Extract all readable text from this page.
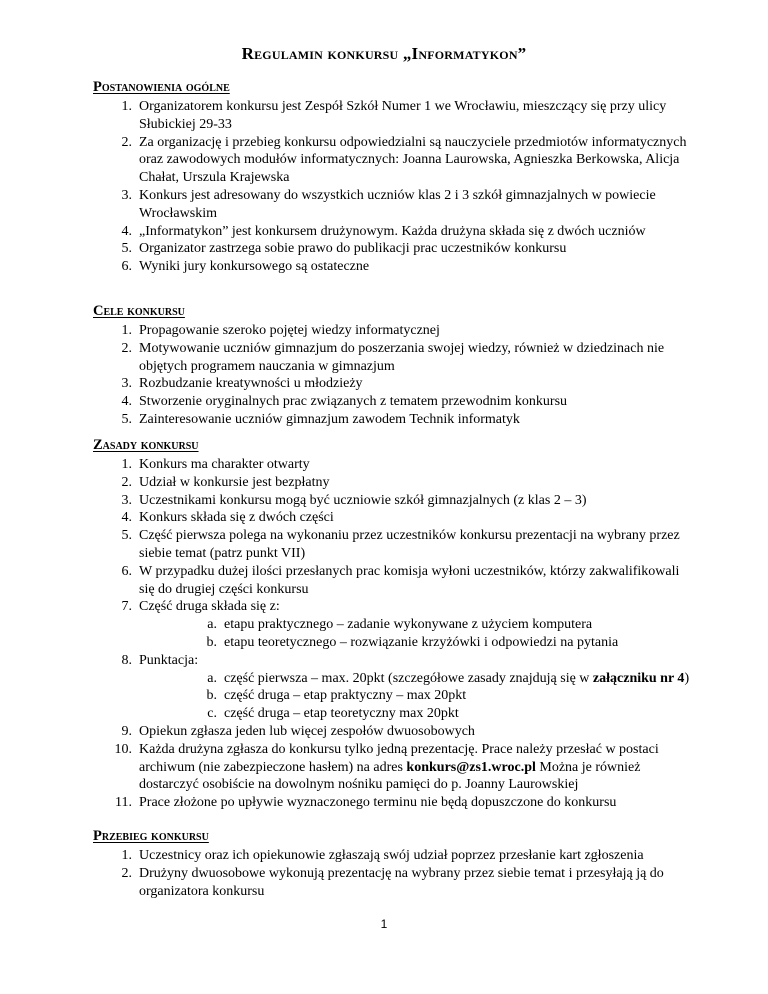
Regulamin konkursu „Informatykon”
Postanowienia ogólne
1. Organizatorem konkursu jest Zespół Szkół Numer 1 we Wrocławiu, mieszczący się przy ulicy Słubickiej 29-33
2. Za organizację i przebieg konkursu odpowiedzialni są nauczyciele przedmiotów informatycznych oraz zawodowych modułów informatycznych: Joanna Laurowska, Agnieszka Berkowska, Alicja Chałat, Urszula Krajewska
3. Konkurs jest adresowany do wszystkich uczniów klas 2 i 3 szkół gimnazjalnych w powiecie Wrocławskim
4. „Informatykon” jest konkursem drużynowym. Każda drużyna składa się z dwóch uczniów
5. Organizator zastrzega sobie prawo do publikacji prac uczestników konkursu
6. Wyniki jury konkursowego są ostateczne
Cele konkursu
1. Propagowanie szeroko pojętej wiedzy informatycznej
2. Motywowanie uczniów gimnazjum do poszerzania swojej wiedzy, również w dziedzinach nie objętych programem nauczania w gimnazjum
3. Rozbudzanie kreatywności u młodzieży
4. Stworzenie oryginalnych prac związanych z tematem przewodnim konkursu
5. Zainteresowanie uczniów gimnazjum zawodem Technik informatyk
Zasady konkursu
1. Konkurs ma charakter otwarty
2. Udział w konkursie jest bezpłatny
3. Uczestnikami konkursu mogą być uczniowie szkół gimnazjalnych (z klas 2 – 3)
4. Konkurs składa się z dwóch części
5. Część pierwsza polega na wykonaniu przez uczestników konkursu prezentacji na wybrany przez siebie temat (patrz punkt VII)
6. W przypadku dużej ilości przesłanych prac komisja wyłoni uczestników, którzy zakwalifikowali się do drugiej części konkursu
7. Część druga składa się z:
a. etapu praktycznego – zadanie wykonywane z użyciem komputera
b. etapu teoretycznego – rozwiązanie krzyżówki i odpowiedzi na pytania
8. Punktacja:
a. część pierwsza – max. 20pkt (szczegółowe zasady znajdują się w załączniku nr 4)
b. część druga – etap praktyczny – max 20pkt
c. część druga – etap teoretyczny max 20pkt
9. Opiekun zgłasza jeden lub więcej zespołów dwuosobowych
10. Każda drużyna zgłasza do konkursu tylko jedną prezentację. Prace należy przesłać w postaci archiwum (nie zabezpieczone hasłem) na adres konkurs@zs1.wroc.pl Można je również dostarczyć osobiście na dowolnym nośniku pamięci do p. Joanny Laurowskiej
11. Prace złożone po upływie wyznaczonego terminu nie będą dopuszczone do konkursu
Przebieg konkursu
1. Uczestnicy oraz ich opiekunowie zgłaszają swój udział poprzez przesłanie kart zgłoszenia
2. Drużyny dwuosobowe wykonują prezentację na wybrany przez siebie temat i przesyłają ją do organizatora konkursu
1
